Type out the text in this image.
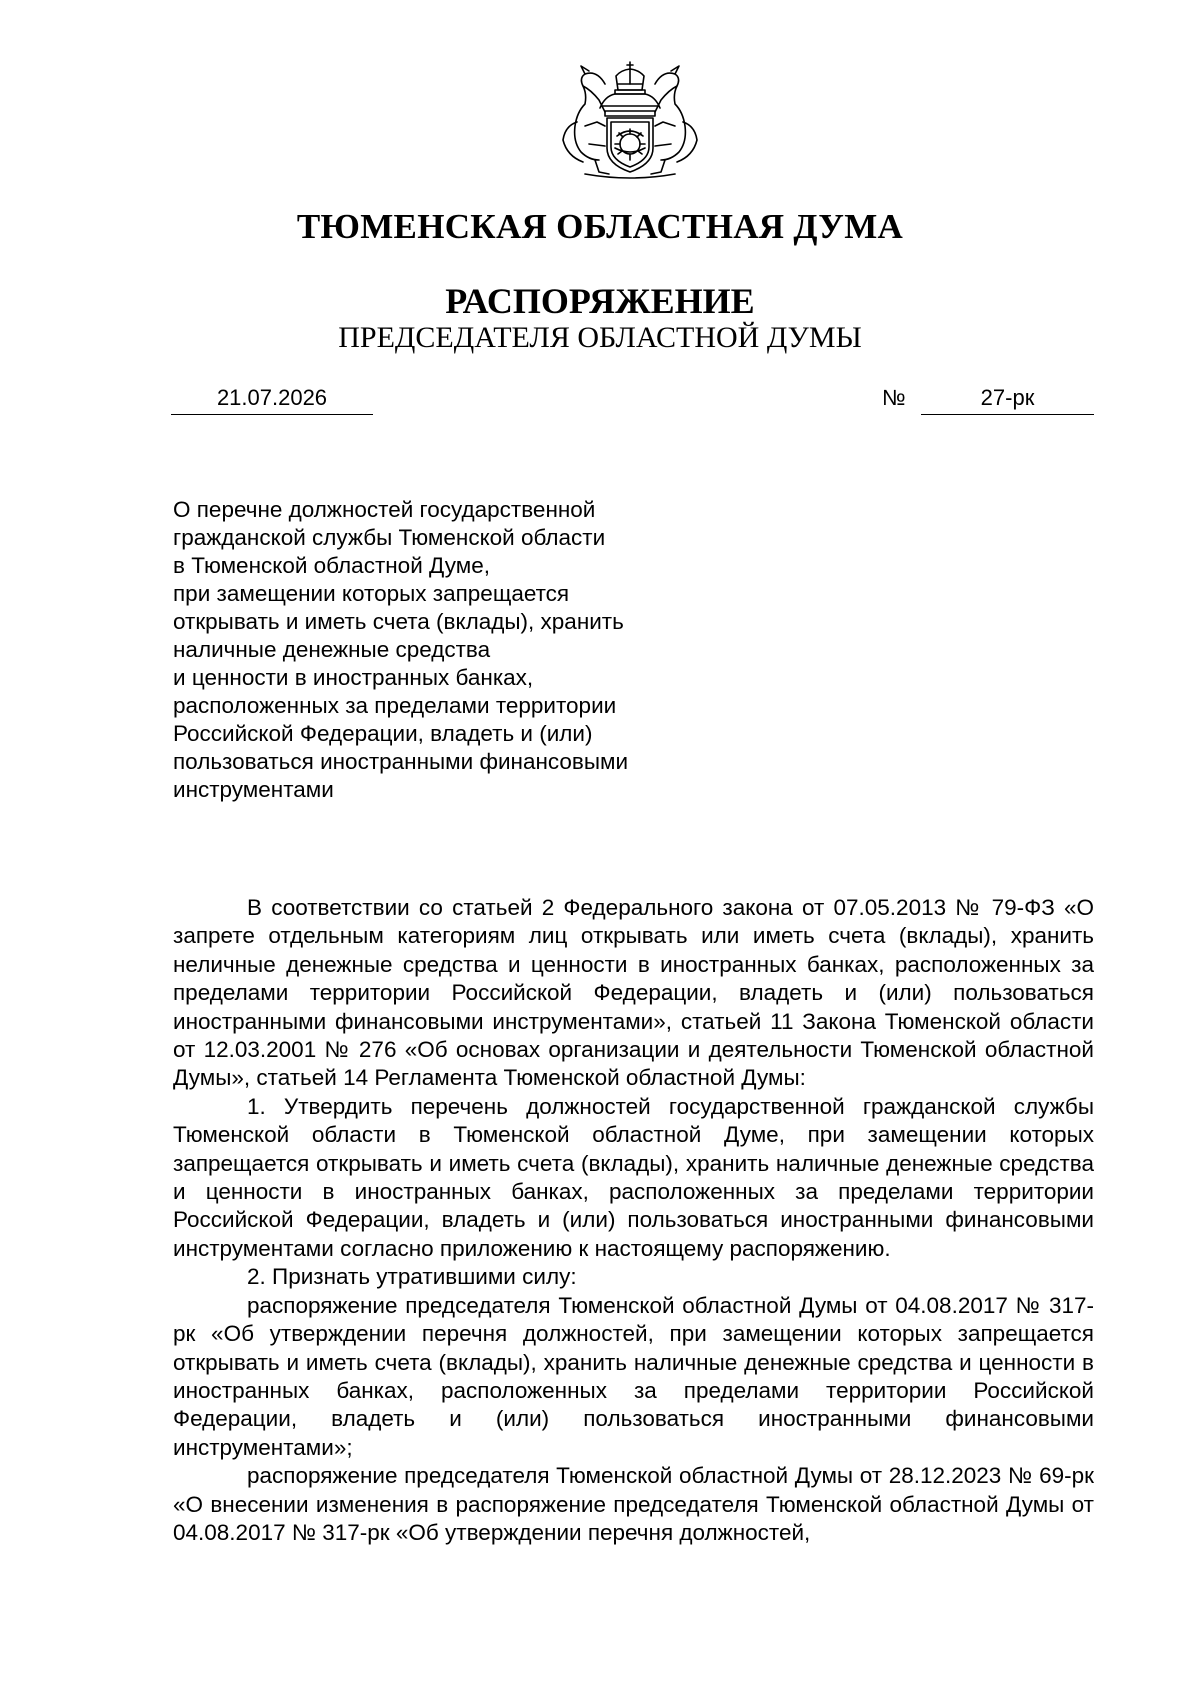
ТЮМЕНСКАЯ ОБЛАСТНАЯ ДУМА
РАСПОРЯЖЕНИЕ
ПРЕДСЕДАТЕЛЯ ОБЛАСТНОЙ ДУМЫ
21.07.2026	№	27-рк
О перечне должностей государственной
гражданской службы Тюменской области
в Тюменской областной Думе,
при замещении которых запрещается
открывать и иметь счета (вклады), хранить
наличные денежные средства
и ценности в иностранных банках,
расположенных за пределами территории
Российской Федерации, владеть и (или)
пользоваться иностранными финансовыми
инструментами

В соответствии со статьей 2 Федерального закона от 07.05.2013 № 79-ФЗ «О запрете отдельным категориям лиц открывать или иметь счета (вклады), хранить неличные денежные средства и ценности в иностранных банках, расположенных за пределами территории Российской Федерации, владеть и (или) пользоваться иностранными финансовыми инструментами», статьей 11 Закона Тюменской области от 12.03.2001 № 276 «Об основах организации и деятельности Тюменской областной Думы», статьей 14 Регламента Тюменской областной Думы:

1. Утвердить перечень должностей государственной гражданской службы Тюменской области в Тюменской областной Думе, при замещении которых запрещается открывать и иметь счета (вклады), хранить наличные денежные средства и ценности в иностранных банках, расположенных за пределами территории Российской Федерации, владеть и (или) пользоваться иностранными финансовыми инструментами согласно приложению к настоящему распоряжению.

2. Признать утратившими силу:

распоряжение председателя Тюменской областной Думы от 04.08.2017 № 317-рк «Об утверждении перечня должностей, при замещении которых запрещается открывать и иметь счета (вклады), хранить наличные денежные средства и ценности в иностранных банках, расположенных за пределами территории Российской Федерации, владеть и (или) пользоваться иностранными финансовыми инструментами»;

распоряжение председателя Тюменской областной Думы от 28.12.2023 № 69-рк «О внесении изменения в распоряжение председателя Тюменской областной Думы от 04.08.2017 № 317-рк «Об утверждении перечня должностей,
